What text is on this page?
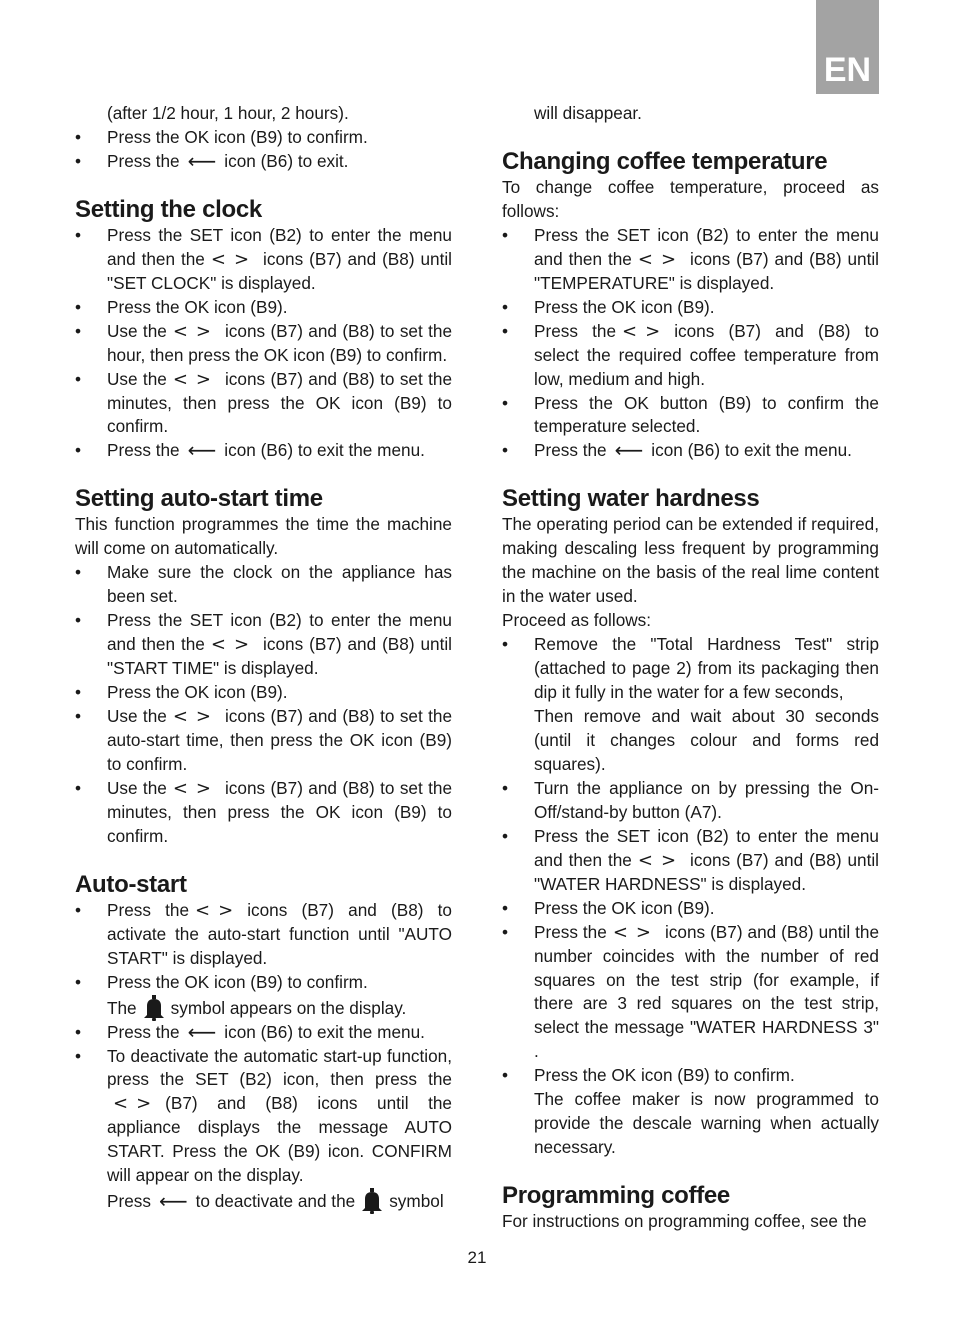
EN

(after 1/2 hour, 1 hour, 2 hours).

• Press the OK icon (B9) to confirm.
• Press the ⟵ icon (B6) to exit.
Setting the clock
• Press the SET icon (B2) to enter the menu and then the <> icons (B7) and (B8) until "SET CLOCK" is displayed.
• Press the OK icon (B9).
• Use the <> icons (B7) and (B8) to set the hour, then press the OK icon (B9) to confirm.
• Use the <> icons (B7) and (B8) to set the minutes, then press the OK icon (B9) to confirm.
• Press the ⟵ icon (B6) to exit the menu.
Setting auto-start time

This function programmes the time the machine will come on automatically.

• Make sure the clock on the appliance has been set.
• Press the SET icon (B2) to enter the menu and then the <> icons (B7) and (B8) until "START TIME" is displayed.
• Press the OK icon (B9).
• Use the <> icons (B7) and (B8) to set the auto-start time, then press the OK icon (B9) to confirm.
• Use the <> icons (B7) and (B8) to set the minutes, then press the OK icon (B9) to confirm.
Auto-start
• Press the <> icons (B7) and (B8) to activate the auto-start function until "AUTO START" is displayed.
• Press the OK icon (B9) to confirm.
The symbol appears on the display.
• Press the ⟵ icon (B6) to exit the menu.
• To deactivate the automatic start-up function, press the SET (B2) icon, then press the<> (B7) and (B8) icons until the appliance displays the message AUTO START. Press the OK (B9) icon. CONFIRM will appear on the display.
Press ⟵ to deactivate and the symbol

will disappear.

Changing coffee temperature

To change coffee temperature, proceed as follows:

• Press the SET icon (B2) to enter the menu and then the <> icons (B7) and (B8) until "TEMPERATURE" is displayed.
• Press the OK icon (B9).
• Press the <> icons (B7) and (B8) to select the required coffee temperature from low, medium and high.
• Press the OK button (B9) to confirm the temperature selected.
• Press the ⟵ icon (B6) to exit the menu.
Setting water hardness

The operating period can be extended if required, making descaling less frequent by programming the machine on the basis of the real lime content in the water used.

Proceed as follows:

• Remove the "Total Hardness Test" strip (attached to page 2) from its packaging then dip it fully in the water for a few seconds,
Then remove and wait about 30 seconds (until it changes colour and forms red squares).
• Turn the appliance on by pressing the On-Off/stand-by button (A7).
• Press the SET icon (B2) to enter the menu and then the <> icons (B7) and (B8) until "WATER HARDNESS" is displayed.
• Press the OK icon (B9).
• Press the <> icons (B7) and (B8) until the number coincides with the number of red squares on the test strip (for example, if there are 3 red squares on the test strip, select the message "WATER HARDNESS 3" .
• Press the OK icon (B9) to confirm.
The coffee maker is now programmed to provide the descale warning when actually necessary.
Programming coffee

For instructions on programming coffee, see the

21
